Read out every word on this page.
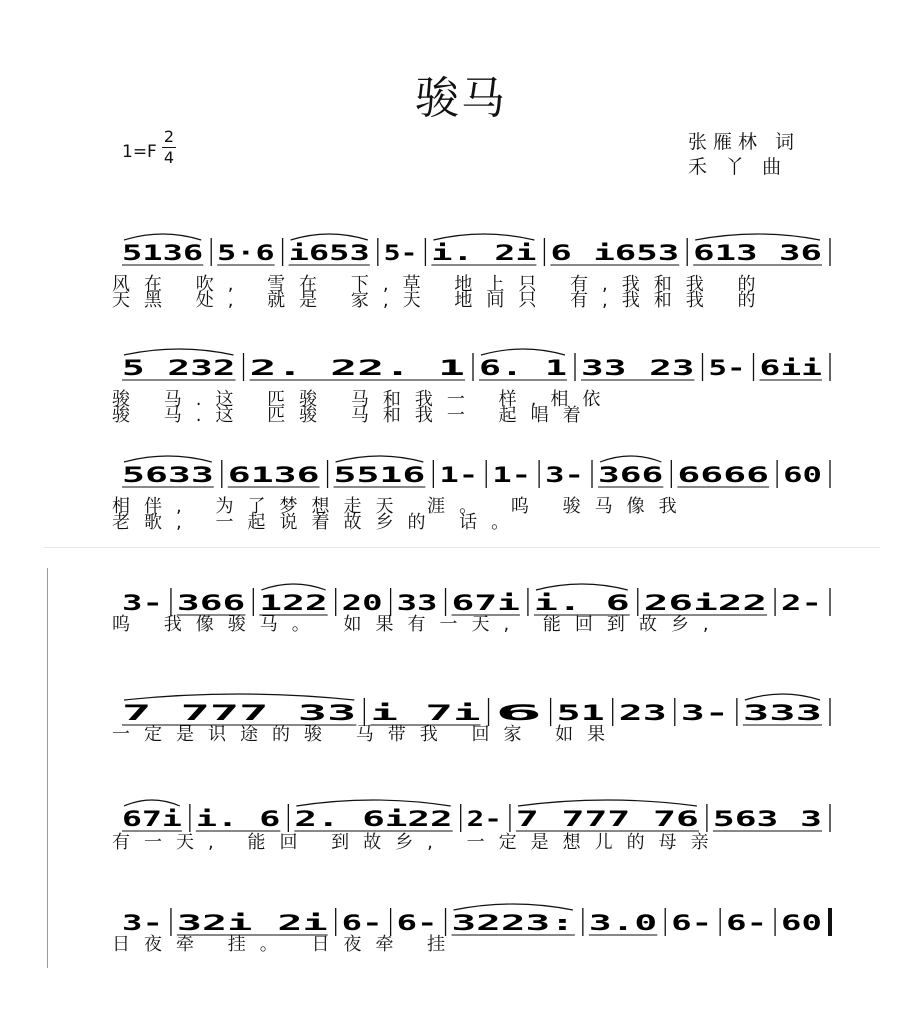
骏马
1=F
2
4
张雁林 词
禾 丫 曲
5136 5·6 i653 5- i. 2i 6 i653 613 36
风在 吹, 雪在 下,草 地上只 有,我和我 的
天黑 处, 就是 家,天 地间只 有,我和我 的
5 232 2. 22. 1 6. 1 33 23 5- 6ii
骏 马.这 匹骏 马和我一 样,相依
骏 马.这 匹骏 马和我一 起唱着
5633 6136 5516 1- 1- 3- 366 6666 60
相伴, 为了梦想走天 涯。 呜 骏马像我
老歌, 一起说着故乡的 话。
3- 366 122 20 33 67i i. 6 26i22 2-
呜 我像骏马。 如果有一天, 能回到故乡,
7 777 33 i 7i 6 51 23 3- 333
一定是识途的骏 马带我 回家 如果
67i i. 6 2. 6i22 2- 7 777 76 563 3
有一天, 能回 到故乡, 一定是想儿的母亲
3- 32i 2i 6- 6- 3223: 3.0 6- 6- 60
日夜牵 挂。 日夜牵 挂
